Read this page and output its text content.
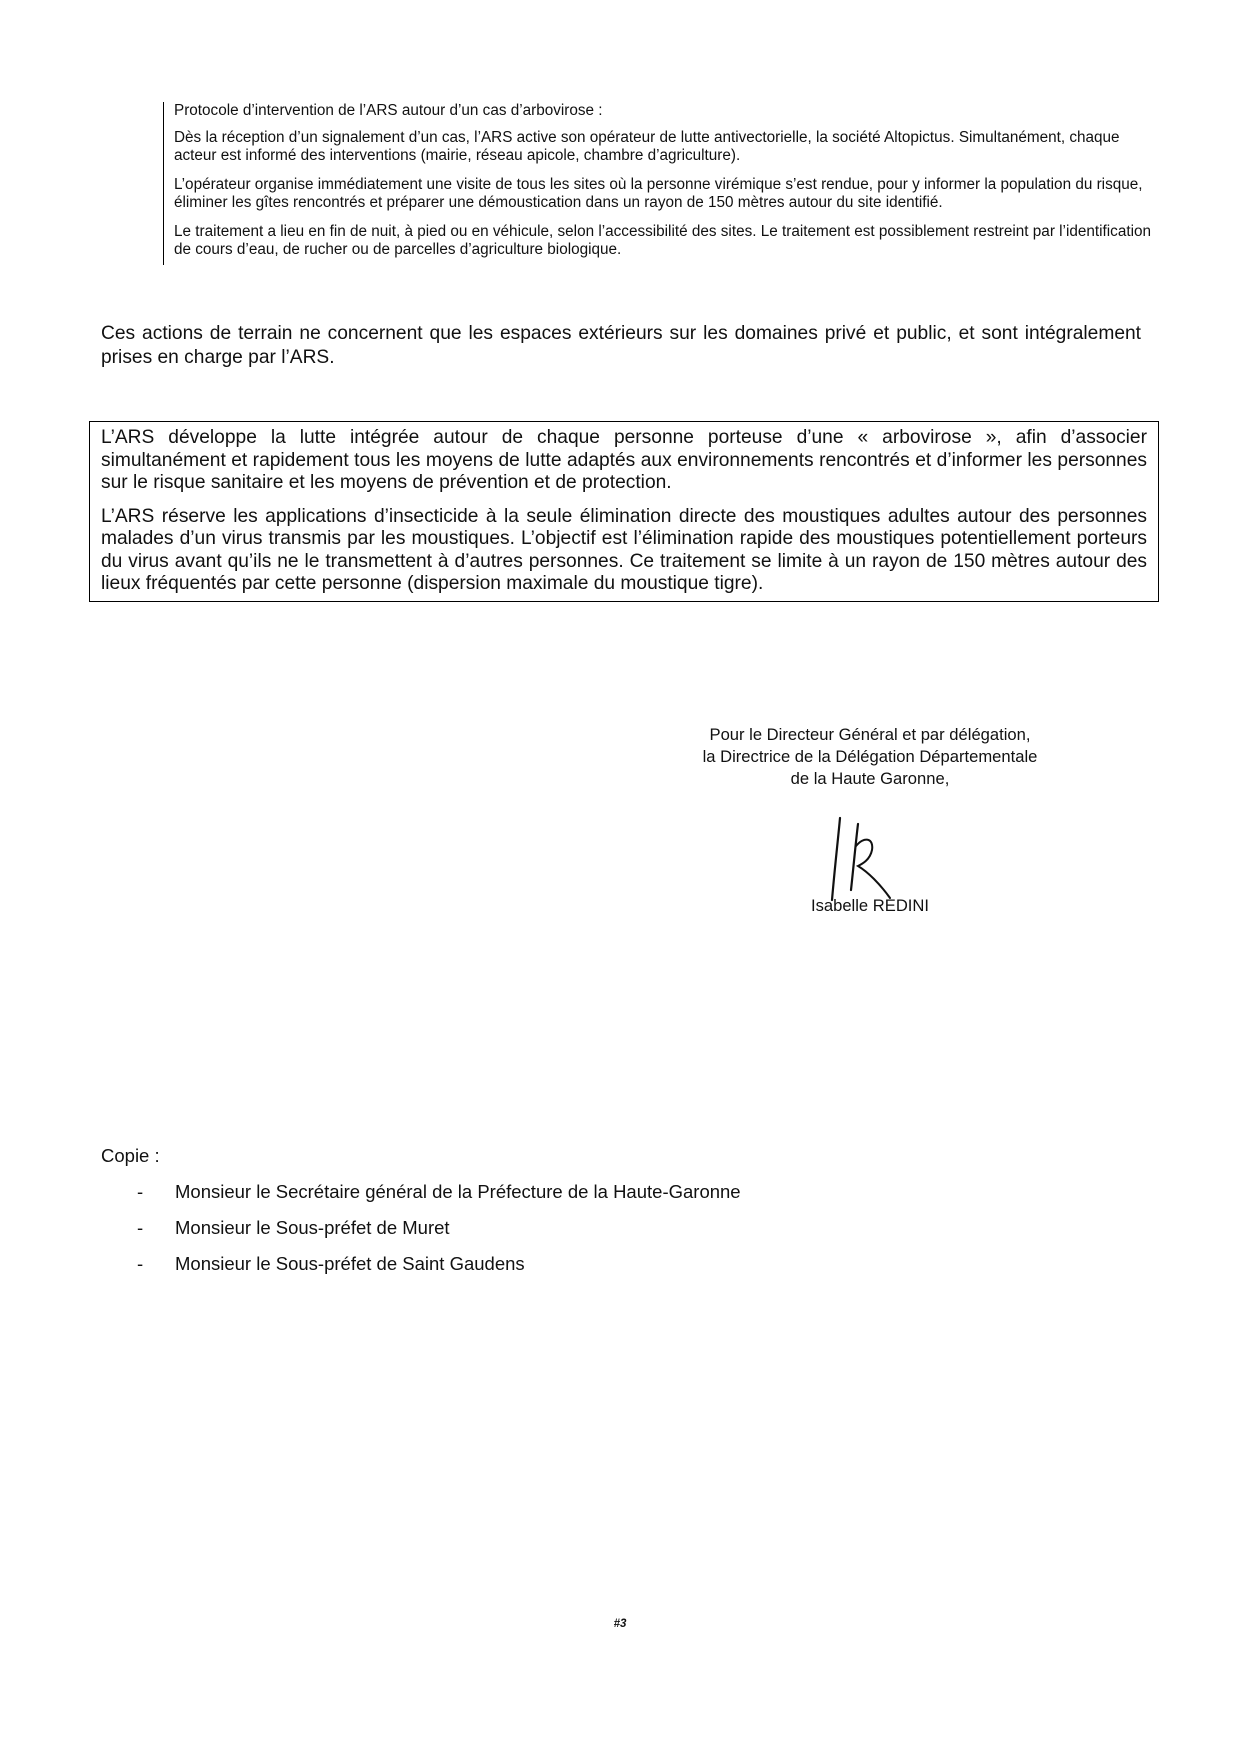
Protocole d’intervention de l’ARS autour d’un cas d’arbovirose :

Dès la réception d’un signalement d’un cas, l’ARS active son opérateur de lutte antivectorielle, la société Altopictus. Simultanément, chaque acteur est informé des interventions (mairie, réseau apicole, chambre d’agriculture).

L’opérateur organise immédiatement une visite de tous les sites où la personne virémique s’est rendue, pour y informer la population du risque, éliminer les gîtes rencontrés et préparer une démoustication dans un rayon de 150 mètres autour du site identifié.

Le traitement a lieu en fin de nuit, à pied ou en véhicule, selon l’accessibilité des sites. Le traitement est possiblement restreint par l’identification de cours d’eau, de rucher ou de parcelles d’agriculture biologique.

Ces actions de terrain ne concernent que les espaces extérieurs sur les domaines privé et public, et sont intégralement prises en charge par l’ARS.

L’ARS développe la lutte intégrée autour de chaque personne porteuse d’une « arbovirose », afin d’associer simultanément et rapidement tous les moyens de lutte adaptés aux environnements rencontrés et d’informer les personnes sur le risque sanitaire et les moyens de prévention et de protection.

L’ARS réserve les applications d’insecticide à la seule élimination directe des moustiques adultes autour des personnes malades d’un virus transmis par les moustiques. L’objectif est l’élimination rapide des moustiques potentiellement porteurs du virus avant qu’ils ne le transmettent à d’autres personnes. Ce traitement se limite à un rayon de 150 mètres autour des lieux fréquentés par cette personne (dispersion maximale du moustique tigre).

Pour le Directeur Général et par délégation,
la Directrice de la Délégation Départementale
de la Haute Garonne,
Isabelle REDINI
Copie :
- Monsieur le Secrétaire général de la Préfecture de la Haute-Garonne
- Monsieur le Sous-préfet de Muret
- Monsieur le Sous-préfet de Saint Gaudens
#3
